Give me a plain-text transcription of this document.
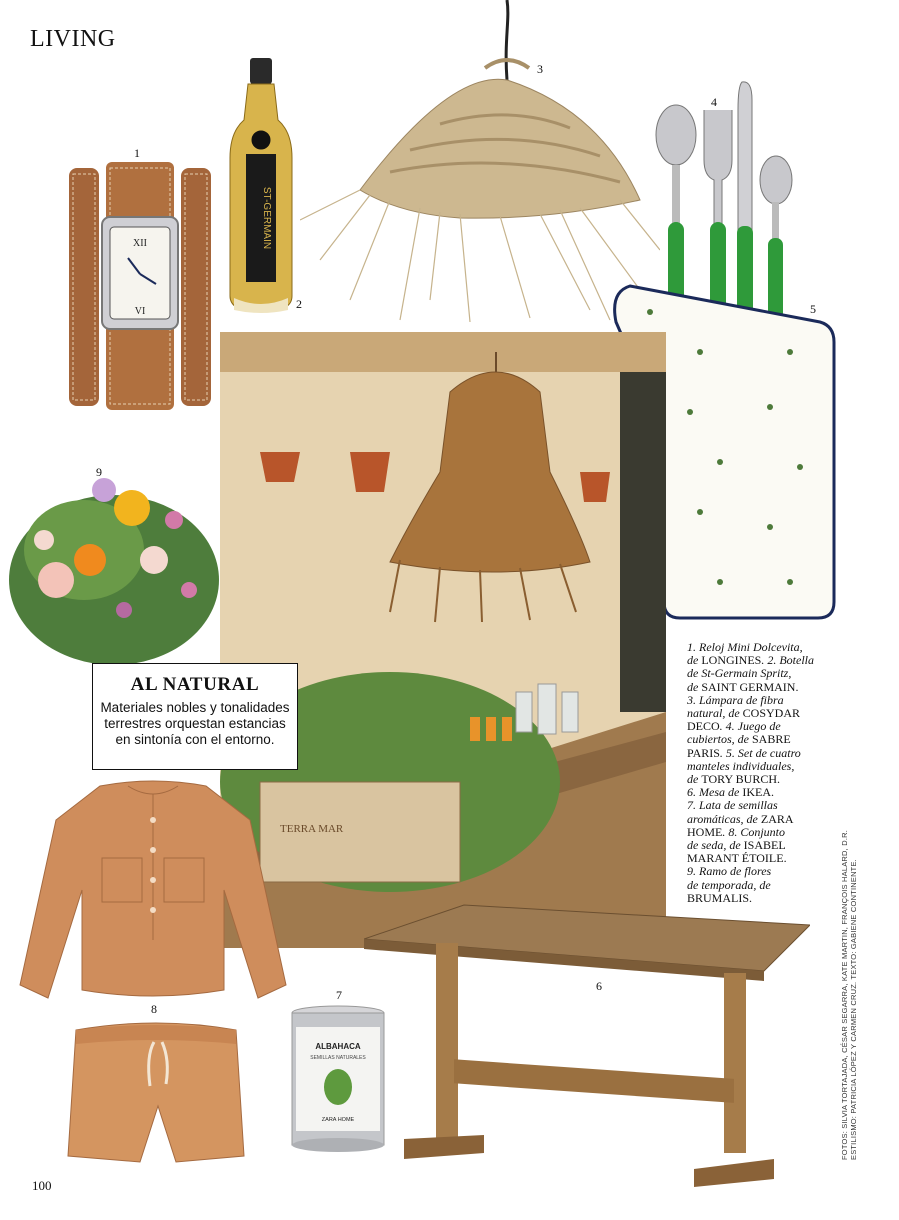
LIVING
1
XII
VI
ST-GERMAIN
2
3
4
5
9
TERRA MAR
AL NATURAL

Materiales nobles y tonalidades terrestres orquestan estancias en sintonía con el entorno.

1. Reloj Mini Dolcevita,
de LONGINES. 2. Botella
de St-Germain Spritz,
de SAINT GERMAIN.
3. Lámpara de fibra
natural, de COSYDAR
DECO. 4. Juego de
cubiertos, de SABRE
PARIS. 5. Set de cuatro
manteles individuales,
de TORY BURCH.
6. Mesa de IKEA.
7. Lata de semillas
aromáticas, de ZARA
HOME. 8. Conjunto
de seda, de ISABEL
MARANT ÉTOILE.
9. Ramo de flores
de temporada, de
BRUMALIS.
8
7
ALBAHACA
SEMILLAS NATURALES
ZARA HOME
6
100
FOTOS: SILVIA TORTAJADA, CÉSAR SEGARRA, KATE MARTIN, FRANÇOIS HALARD, D.R. ESTILISMO: PATRICIA LÓPEZ Y CARMEN CRUZ. TEXTO: GABIENE CONTINENTE.
